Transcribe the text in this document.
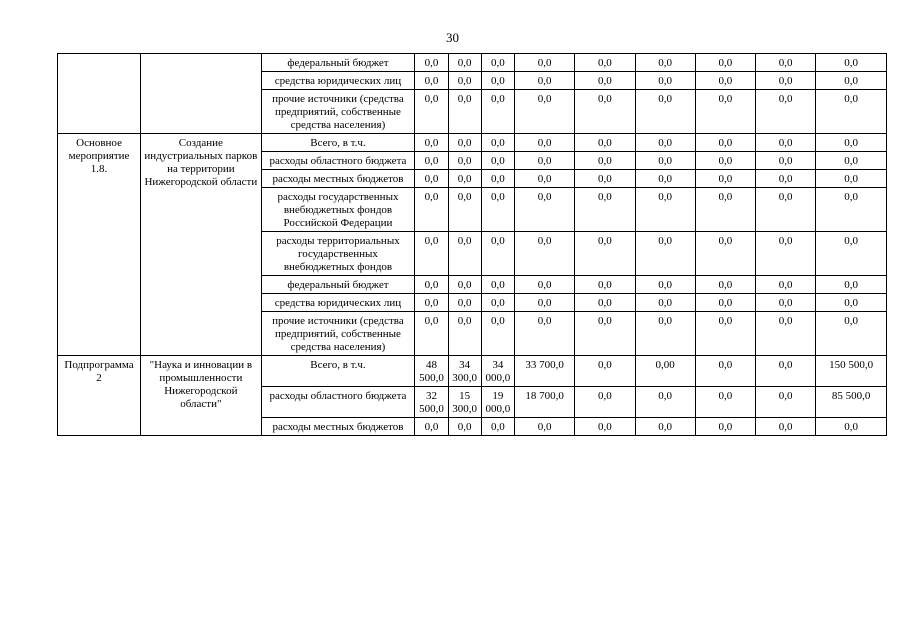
30
		федеральный бюджет	0,0	0,0	0,0	0,0	0,0	0,0	0,0	0,0	0,0
		средства юридических лиц	0,0	0,0	0,0	0,0	0,0	0,0	0,0	0,0	0,0
		прочие источники (средства предприятий, собственные средства населения)	0,0	0,0	0,0	0,0	0,0	0,0	0,0	0,0	0,0
Основное мероприятие 1.8.	Создание индустриальных парков на территории Нижегородской области	Всего, в т.ч.	0,0	0,0	0,0	0,0	0,0	0,0	0,0	0,0	0,0
		расходы областного бюджета	0,0	0,0	0,0	0,0	0,0	0,0	0,0	0,0	0,0
		расходы местных бюджетов	0,0	0,0	0,0	0,0	0,0	0,0	0,0	0,0	0,0
		расходы государственных внебюджетных фондов Российской Федерации	0,0	0,0	0,0	0,0	0,0	0,0	0,0	0,0	0,0
		расходы территориальных государственных внебюджетных фондов	0,0	0,0	0,0	0,0	0,0	0,0	0,0	0,0	0,0
		федеральный бюджет	0,0	0,0	0,0	0,0	0,0	0,0	0,0	0,0	0,0
		средства юридических лиц	0,0	0,0	0,0	0,0	0,0	0,0	0,0	0,0	0,0
		прочие источники (средства предприятий, собственные средства населения)	0,0	0,0	0,0	0,0	0,0	0,0	0,0	0,0	0,0
Подпрограмма 2	"Наука и инновации в промышленности Нижегородской области"	Всего, в т.ч.	48 500,0	34 300,0	34 000,0	33 700,0	0,0	0,00	0,0	0,0	150 500,0
		расходы областного бюджета	32 500,0	15 300,0	19 000,0	18 700,0	0,0	0,0	0,0	0,0	85 500,0
		расходы местных бюджетов	0,0	0,0	0,0	0,0	0,0	0,0	0,0	0,0	0,0
